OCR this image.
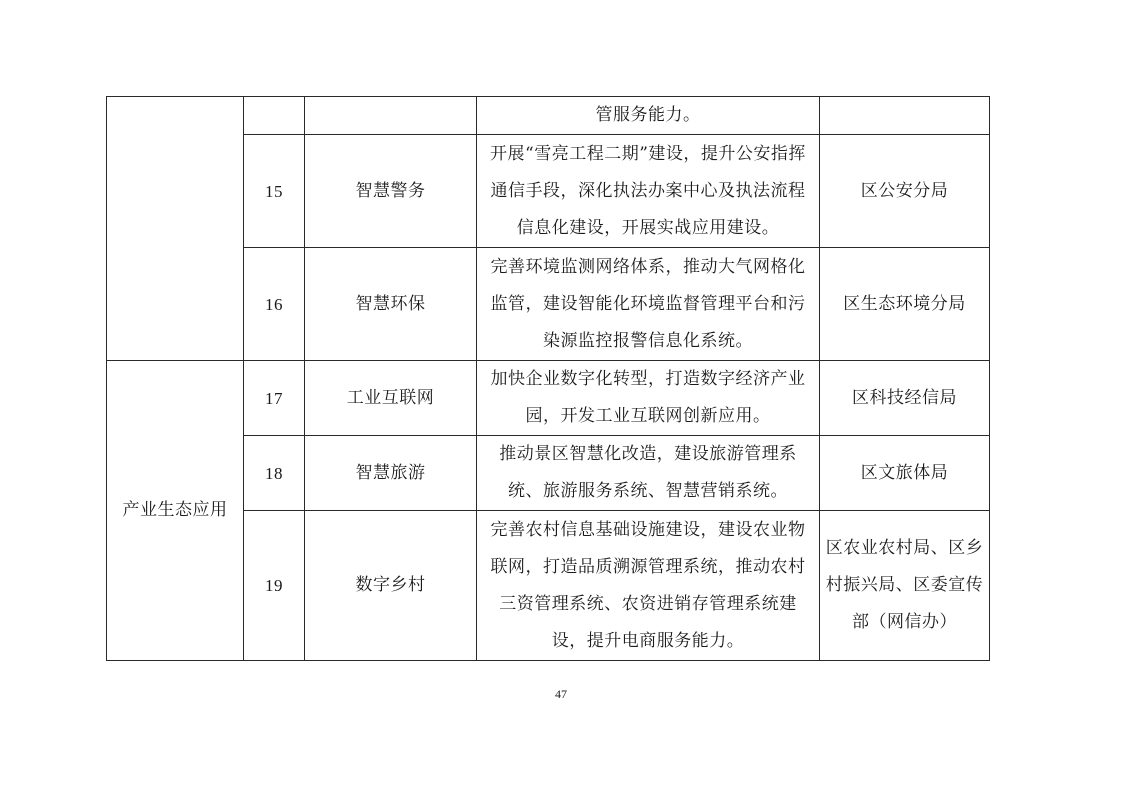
			管服务能力。	
	15	智慧警务	开展“雪亮工程二期”建设，提升公安指挥通信手段，深化执法办案中心及执法流程信息化建设，开展实战应用建设。	区公安分局
	16	智慧环保	完善环境监测网络体系，推动大气网格化监管，建设智能化环境监督管理平台和污染源监控报警信息化系统。	区生态环境分局
产业生态应用	17	工业互联网	加快企业数字化转型，打造数字经济产业园，开发工业互联网创新应用。	区科技经信局
	18	智慧旅游	推动景区智慧化改造，建设旅游管理系统、旅游服务系统、智慧营销系统。	区文旅体局
	19	数字乡村	完善农村信息基础设施建设，建设农业物联网，打造品质溯源管理系统，推动农村三资管理系统、农资进销存管理系统建设，提升电商服务能力。	区农业农村局、区乡村振兴局、区委宣传部（网信办）
47
